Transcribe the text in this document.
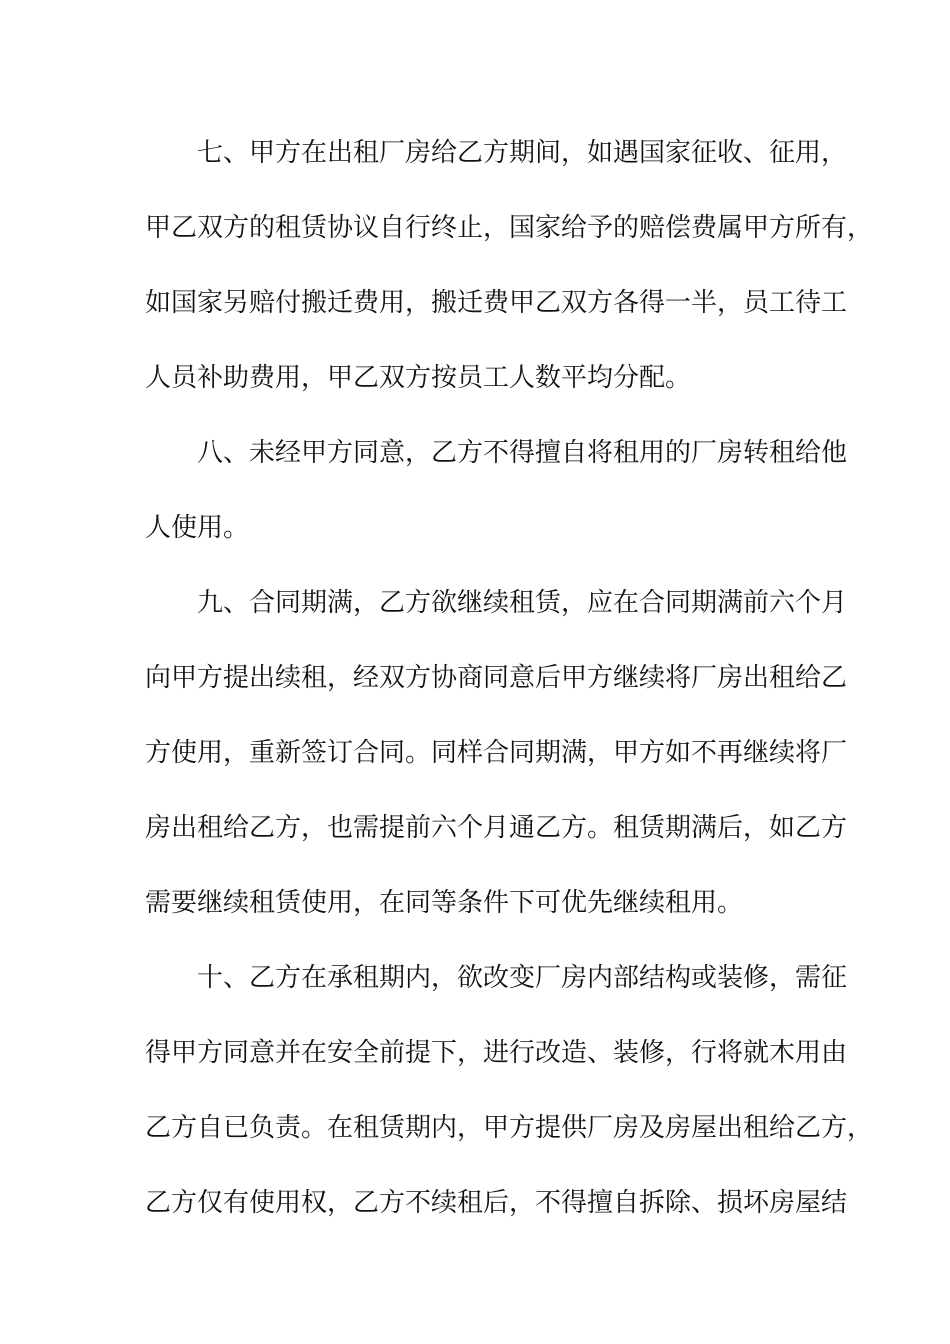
七、甲方在出租厂房给乙方期间，如遇国家征收、征用，
甲乙双方的租赁协议自行终止，国家给予的赔偿费属甲方所有，
如国家另赔付搬迁费用，搬迁费甲乙双方各得一半，员工待工
人员补助费用，甲乙双方按员工人数平均分配。
八、未经甲方同意，乙方不得擅自将租用的厂房转租给他
人使用。
九、合同期满，乙方欲继续租赁，应在合同期满前六个月
向甲方提出续租，经双方协商同意后甲方继续将厂房出租给乙
方使用，重新签订合同。同样合同期满，甲方如不再继续将厂
房出租给乙方，也需提前六个月通乙方。租赁期满后，如乙方
需要继续租赁使用，在同等条件下可优先继续租用。
十、乙方在承租期内，欲改变厂房内部结构或装修，需征
得甲方同意并在安全前提下，进行改造、装修，行将就木用由
乙方自已负责。在租赁期内，甲方提供厂房及房屋出租给乙方，
乙方仅有使用权，乙方不续租后，不得擅自拆除、损坏房屋结
